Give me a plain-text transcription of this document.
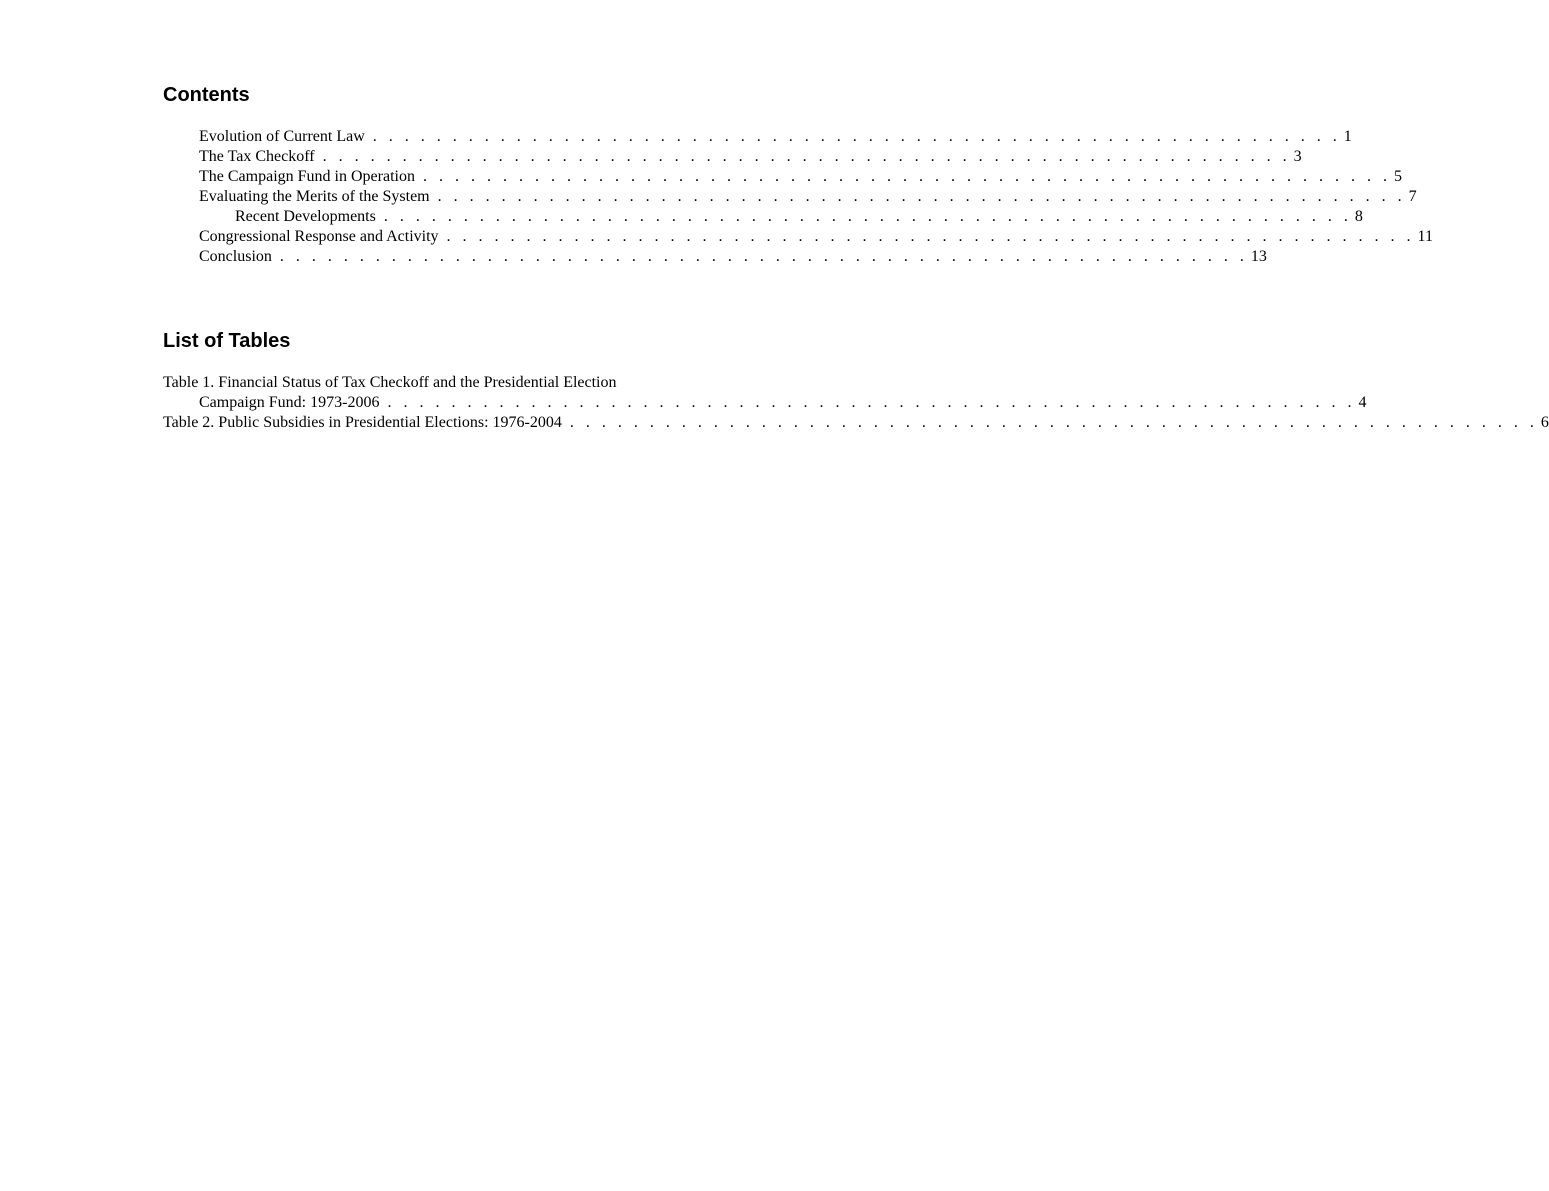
Contents
Evolution of Current Law . . . . . . . . . . . . . . . . . . . . . . . . . . . . . . . . . . . . . . . . . . . . . . . . . . . . . . . . . . . . . 1
The Tax Checkoff . . . . . . . . . . . . . . . . . . . . . . . . . . . . . . . . . . . . . . . . . . . . . . . . . . . . . . . . . . . . . 3
The Campaign Fund in Operation . . . . . . . . . . . . . . . . . . . . . . . . . . . . . . . . . . . . . . . . . . . . . . . . . . . . . . . . . . . . . 5
Evaluating the Merits of the System . . . . . . . . . . . . . . . . . . . . . . . . . . . . . . . . . . . . . . . . . . . . . . . . . . . . . . . . . . . . . 7
Recent Developments . . . . . . . . . . . . . . . . . . . . . . . . . . . . . . . . . . . . . . . . . . . . . . . . . . . . . . . . . . . . . 8
Congressional Response and Activity . . . . . . . . . . . . . . . . . . . . . . . . . . . . . . . . . . . . . . . . . . . . . . . . . . . . . . . . . . . . . 11
Conclusion . . . . . . . . . . . . . . . . . . . . . . . . . . . . . . . . . . . . . . . . . . . . . . . . . . . . . . . . . . . . . 13
List of Tables
Table 1. Financial Status of Tax Checkoff and the Presidential Election
Campaign Fund: 1973-2006 . . . . . . . . . . . . . . . . . . . . . . . . . . . . . . . . . . . . . . . . . . . . . . . . . . . . . . . . . . . . . 4
Table 2. Public Subsidies in Presidential Elections: 1976-2004 . . . . . . . . . . . . . . . . . . . . . . . . . . . . . . . . . . . . . . . . . . . . . . . . . . . . . . . . . . . . . 6
